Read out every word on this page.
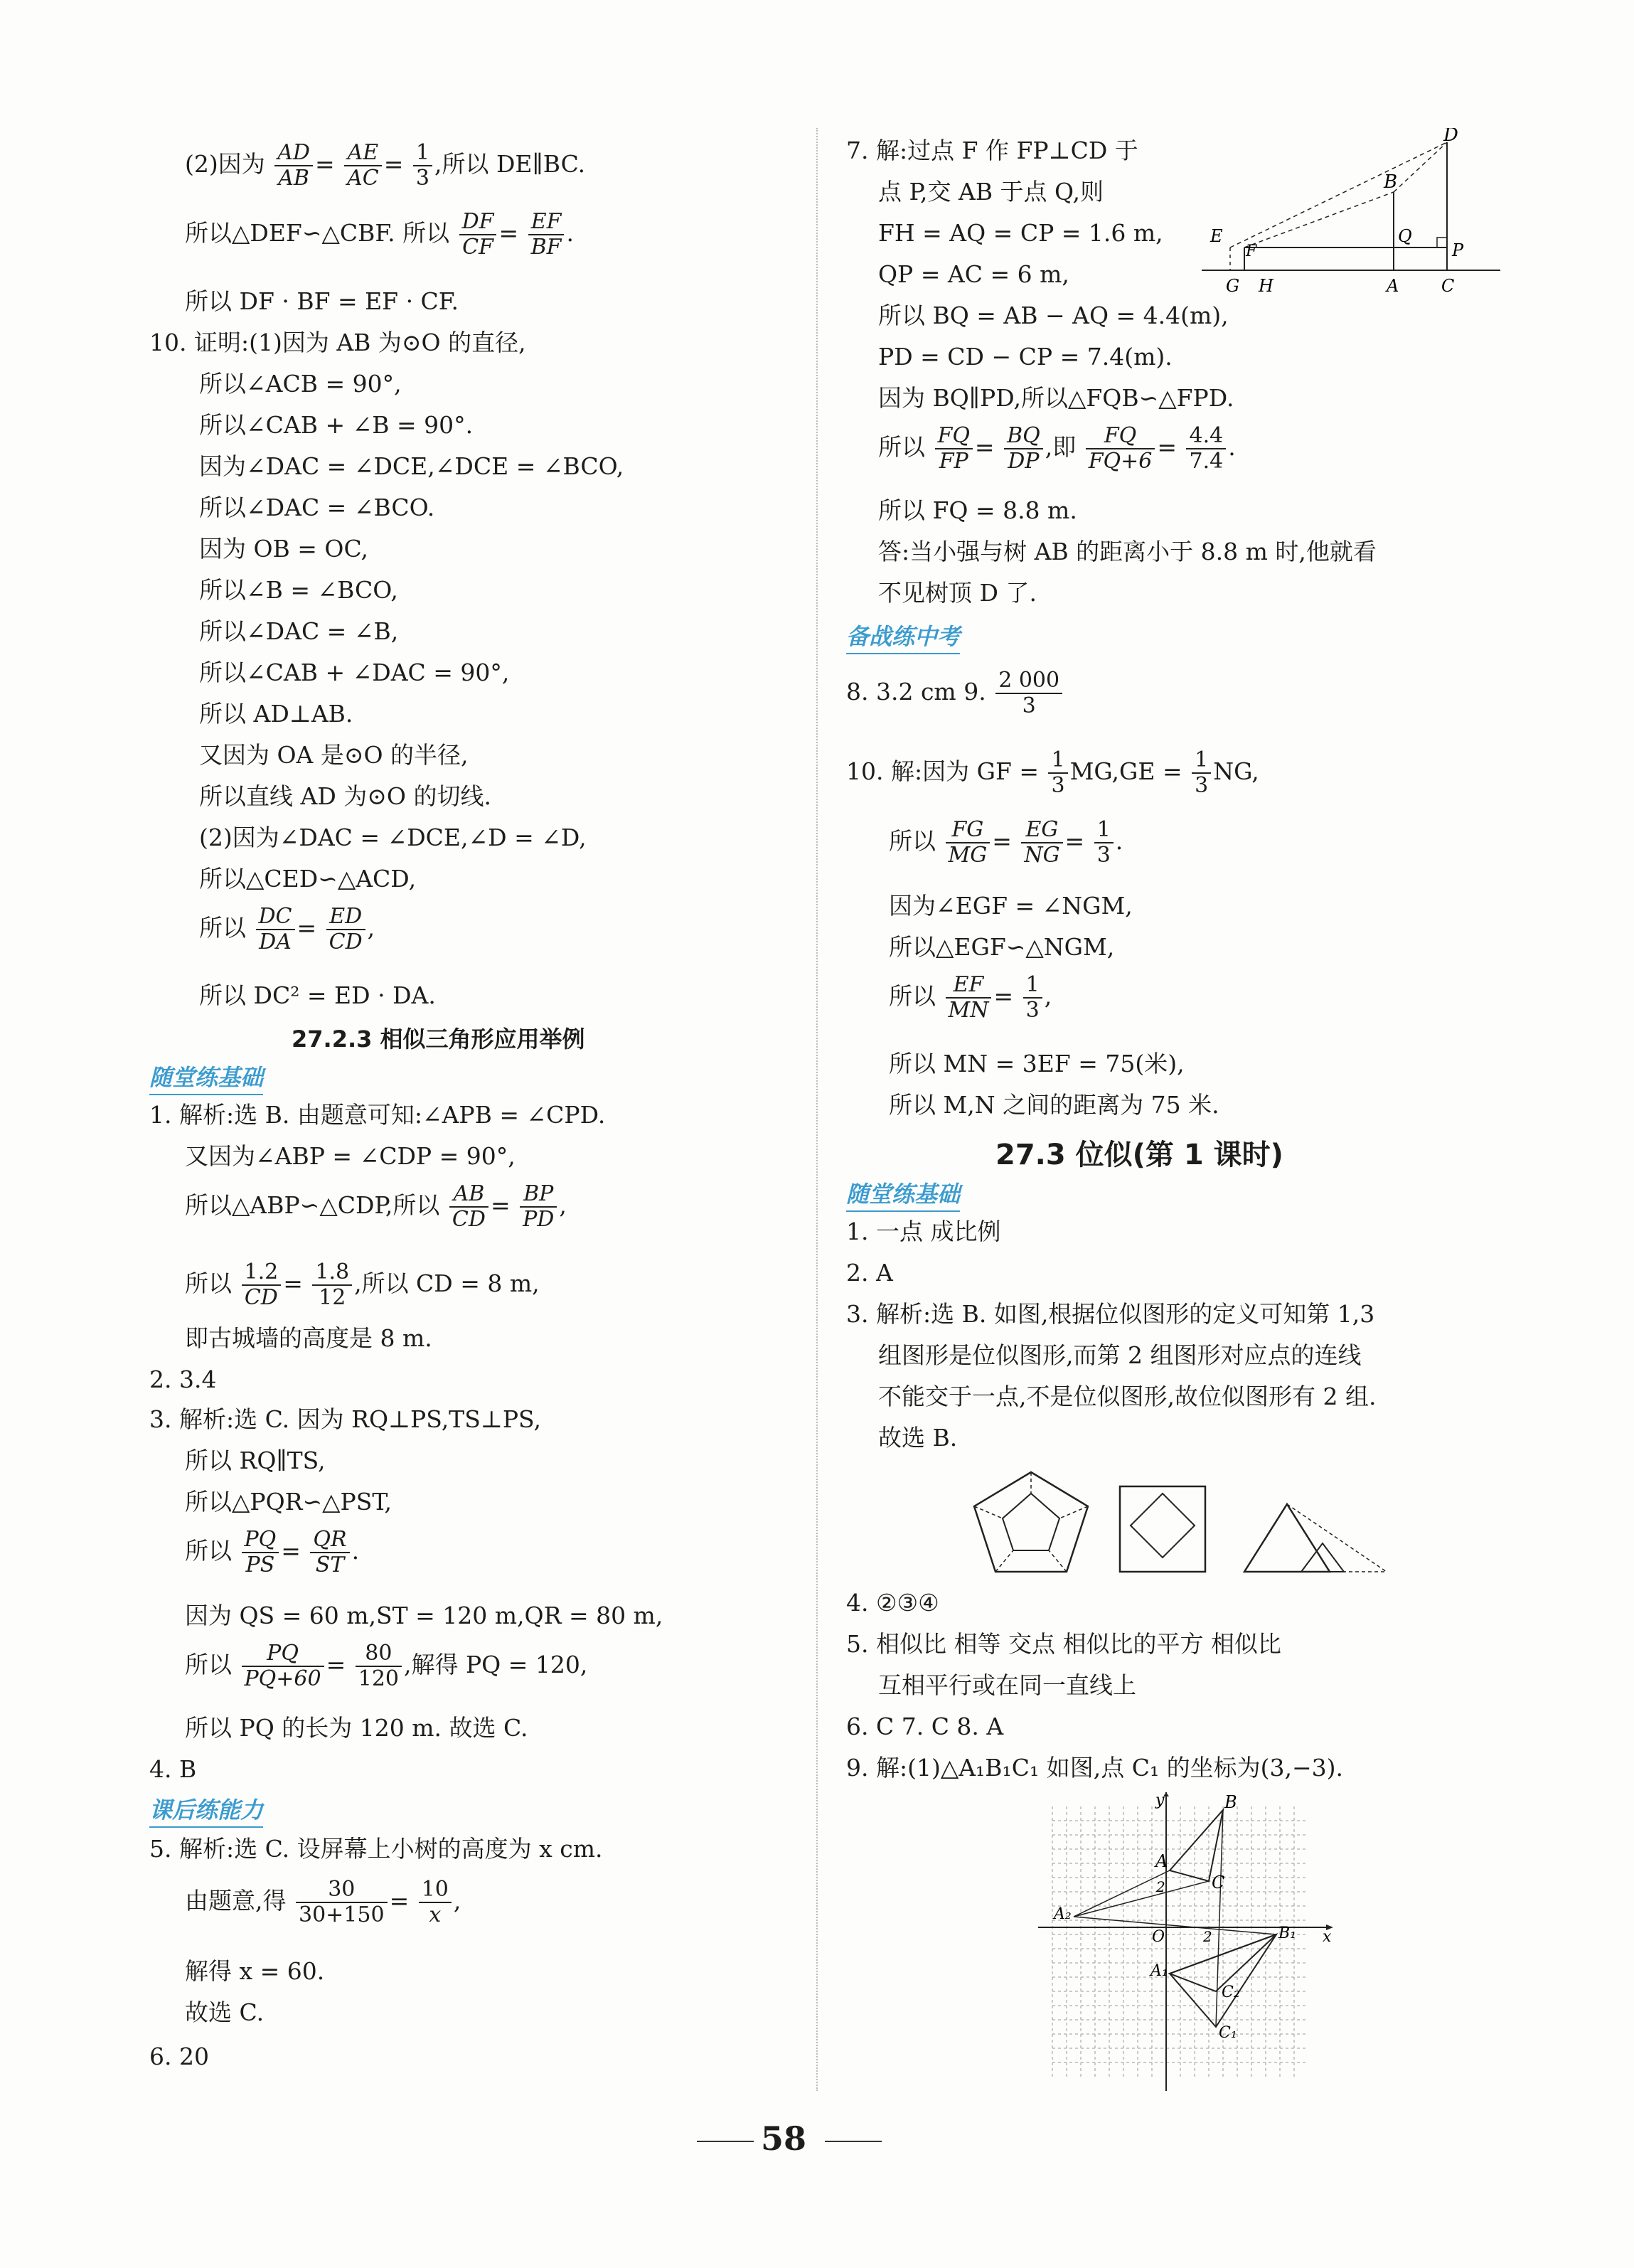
(2)因为 $\frac{AD}{AB} = \frac{AE}{AC} = \frac{1}{3}$ ,所以 DE∥BC.
所以△DEF∽△CBF. 所以 $\frac{DF}{CF} = \frac{EF}{BF}$ .
所以 DF · BF = EF · CF.
10. 证明:(1)因为 AB 为⊙O 的直径,
所以∠ACB = 90°,
所以∠CAB + ∠B = 90°.
因为∠DAC = ∠DCE,∠DCE = ∠BCO,
所以∠DAC = ∠BCO.
因为 OB = OC,
所以∠B = ∠BCO,
所以∠DAC = ∠B,
所以∠CAB + ∠DAC = 90°,
所以 AD⊥AB.
又因为 OA 是⊙O 的半径,
所以直线 AD 为⊙O 的切线.
(2)因为∠DAC = ∠DCE,∠D = ∠D,
所以△CED∽△ACD,
所以 $\frac{DC}{DA} = \frac{ED}{CD}$ ,
所以 DC² = ED · DA.
27.2.3 相似三角形应用举例
随堂练基础
1. 解析:选 B. 由题意可知:∠APB = ∠CPD.
又因为∠ABP = ∠CDP = 90°,
所以△ABP∽△CDP,所以 $\frac{AB}{CD} = \frac{BP}{PD}$ ,
所以 $\frac{1.2}{CD} = \frac{1.8}{12}$ ,所以 CD = 8 m,
即古城墙的高度是 8 m.
2. 3.4
3. 解析:选 C. 因为 RQ⊥PS,TS⊥PS,
所以 RQ∥TS,
所以△PQR∽△PST,
所以 $\frac{PQ}{PS} = \frac{QR}{ST}$ .
因为 QS = 60 m,ST = 120 m,QR = 80 m,
所以 $\frac{PQ}{PQ+60} = \frac{80}{120}$ ,解得 PQ = 120,
所以 PQ 的长为 120 m. 故选 C.
4. B
课后练能力
5. 解析:选 C. 设屏幕上小树的高度为 x cm.
由题意,得 $\frac{30}{30+150} = \frac{10}{x}$ ,
解得 x = 60.
故选 C.
6. 20
7. 解:过点 F 作 FP⊥CD 于
点 P,交 AB 于点 Q,则
FH = AQ = CP = 1.6 m,
QP = AC = 6 m,
D
B
Q
E
F	P
G H	A C
所以 BQ = AB − AQ = 4.4(m),
PD = CD − CP = 7.4(m).
因为 BQ∥PD,所以△FQB∽△FPD.
所以 $\frac{FQ}{FP} = \frac{BQ}{DP}$ ,即 $\frac{FQ}{FQ+6} = \frac{4.4}{7.4}$ .
所以 FQ = 8.8 m.
答:当小强与树 AB 的距离小于 8.8 m 时,他就看
不见树顶 D 了.
备战练中考
8. 3.2 cm 9. $\frac{2 000}{3}$
10. 解:因为 GF = $\frac{1}{3} MG,GE = \frac{1}{3}$ NG,
所以 $\frac{FG}{MG} = \frac{EG}{NG} = \frac{1}{3}$ .
因为∠EGF = ∠NGM,
所以△EGF∽△NGM,
所以 $\frac{EF}{MN} = \frac{1}{3}$ ,
所以 MN = 3EF = 75(米),
所以 M,N 之间的距离为 75 米.
27.3 位似(第 1 课时)
随堂练基础
1. 一点 成比例
2. A
3. 解析:选 B. 如图,根据位似图形的定义可知第 1,3
组图形是位似图形,而第 2 组图形对应点的连线
不能交于一点,不是位似图形,故位似图形有 2 组.
故选 B.
4. ②③④
5. 相似比 相等 交点 相似比的平方 相似比
互相平行或在同一直线上
6. C 7. C 8. A
9. 解:(1)△A₁B₁C₁ 如图,点 C₁ 的坐标为(3,−3).
y	B
A
2	C
A₂
O	2	B₁ x
A₁
C₂
C₁
58
